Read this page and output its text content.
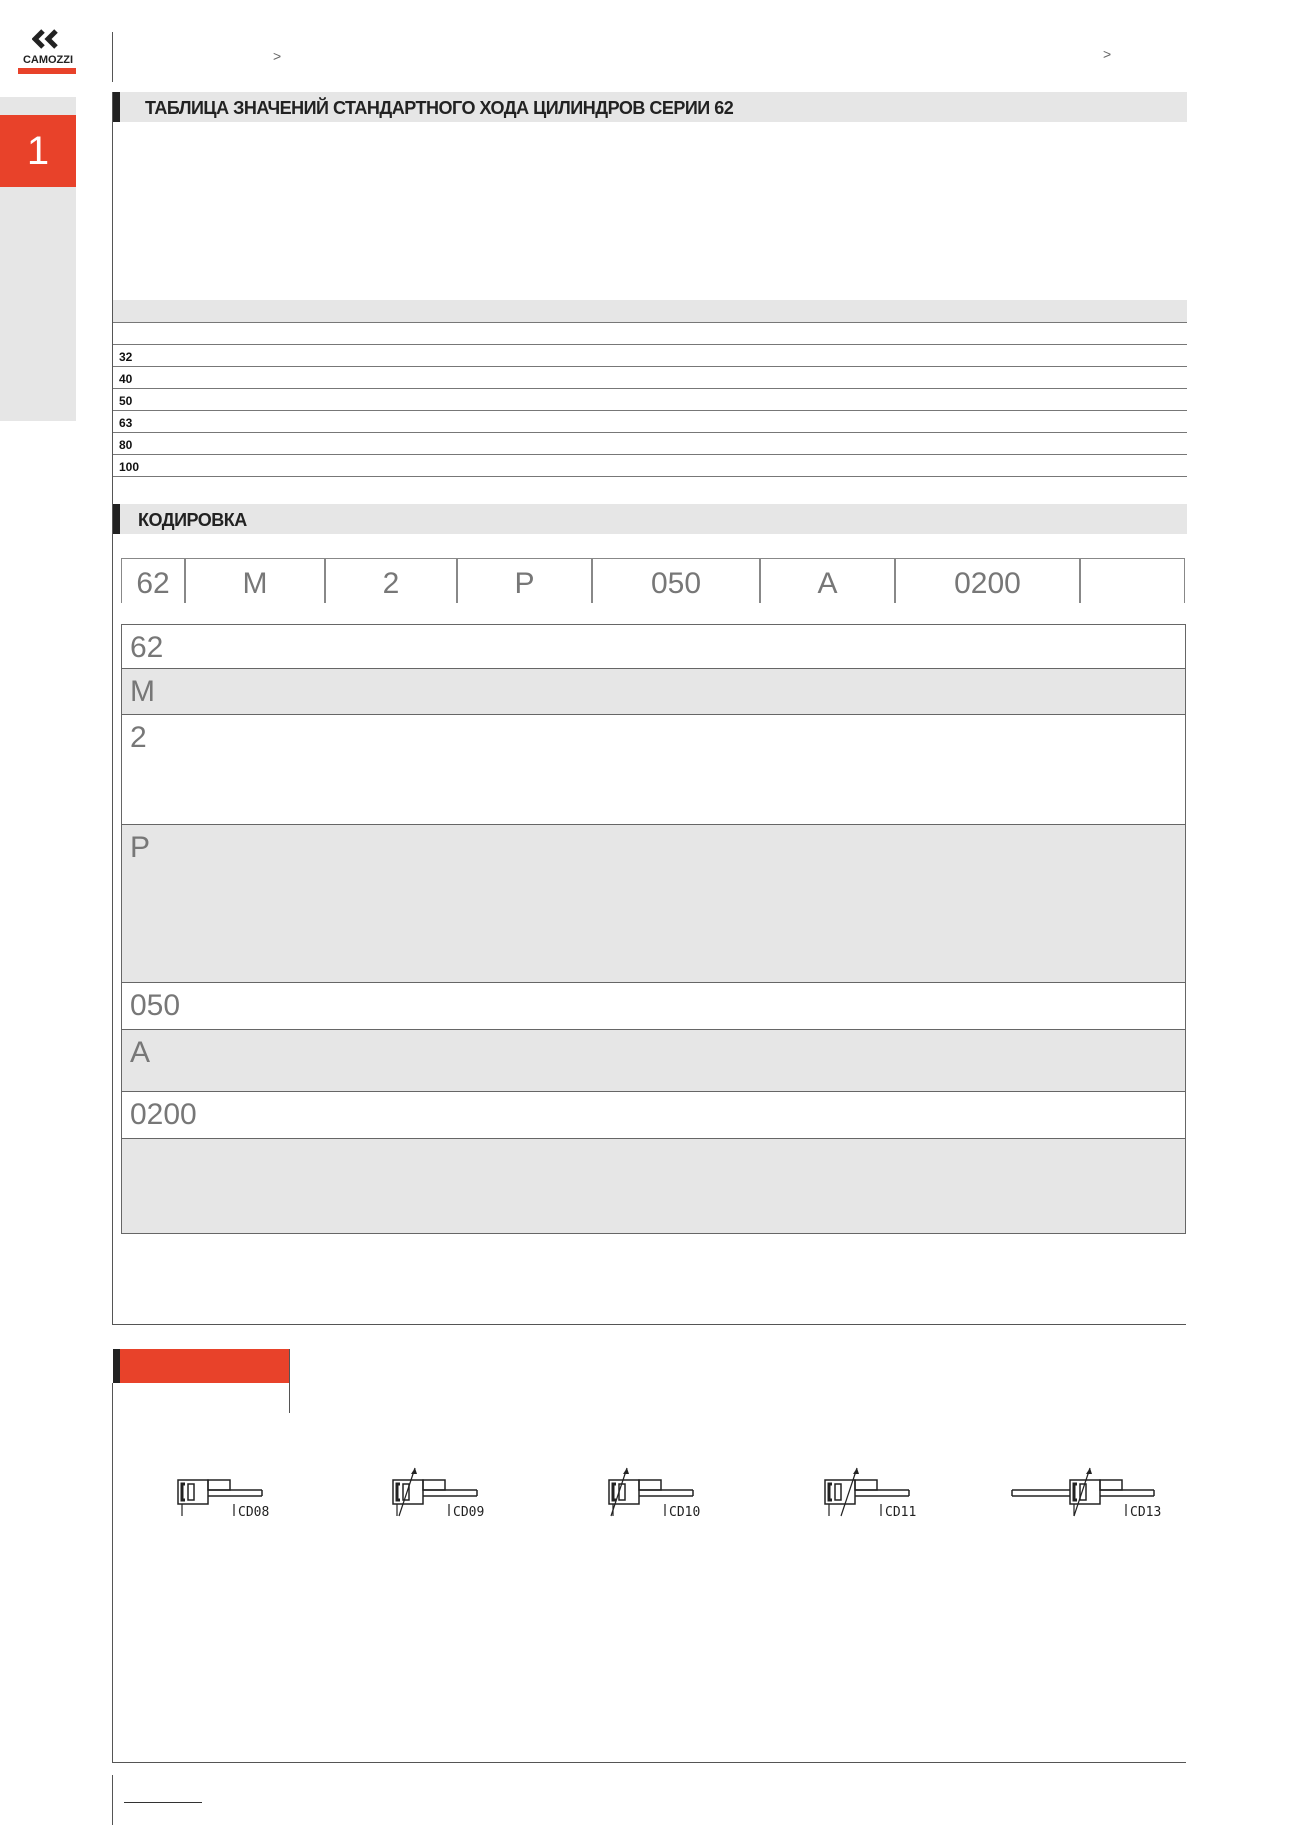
CAMOZZI
1
>	>
ТАБЛИЦА ЗНАЧЕНИЙ СТАНДАРТНОГО ХОДА ЦИЛИНДРОВ СЕРИИ 62
32
40
50
63
80
100
КОДИРОВКА
62 M	2	P	050	A	0200
62
M
2
P
050
A
0200
CD08	CD09	CD10	CD11	CD13
